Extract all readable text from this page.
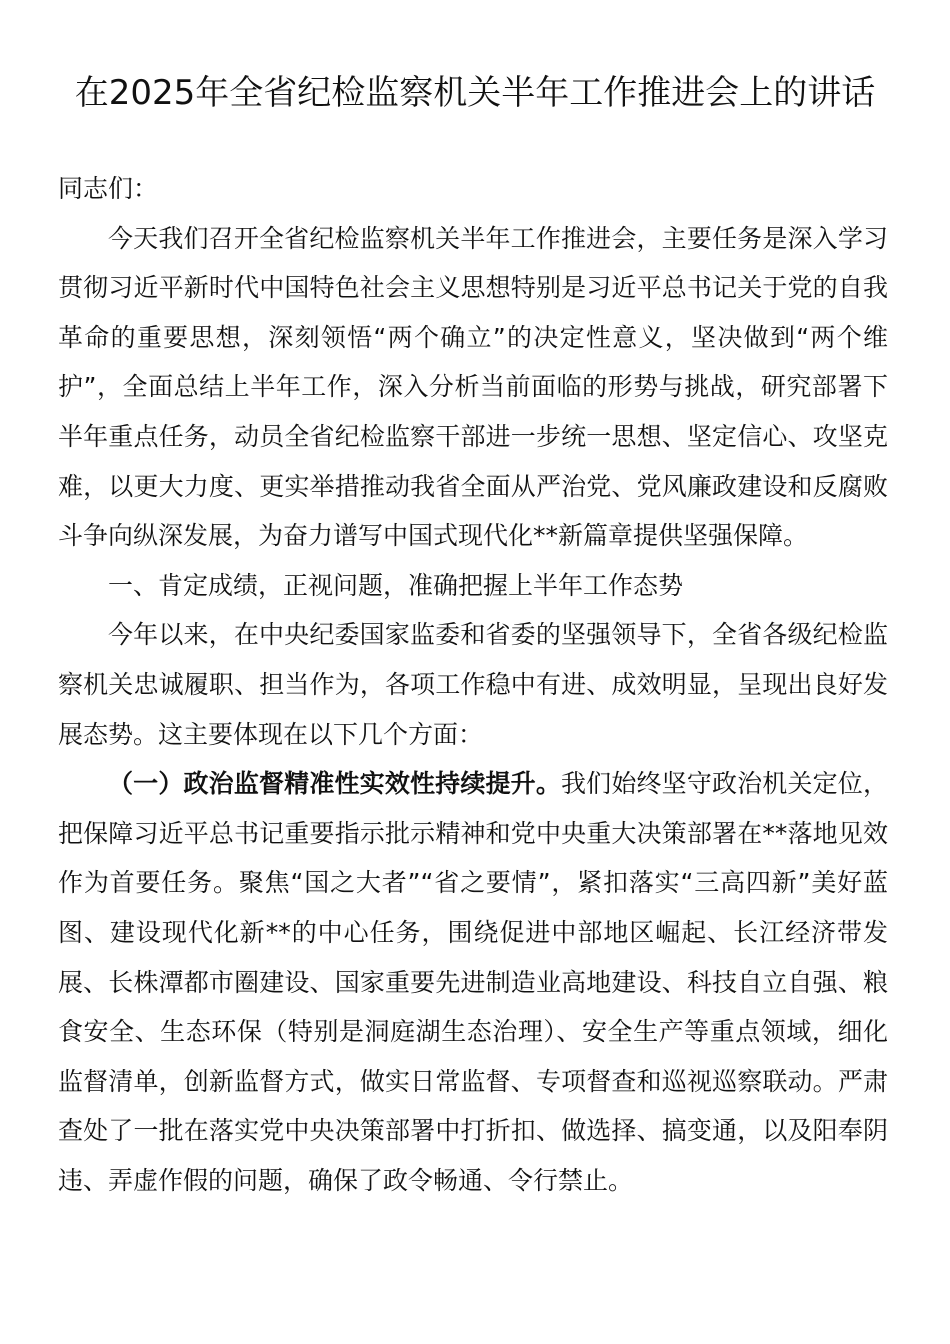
在2025年全省纪检监察机关半年工作推进会上的讲话

同志们：

今天我们召开全省纪检监察机关半年工作推进会，主要任务是深入学习贯彻习近平新时代中国特色社会主义思想特别是习近平总书记关于党的自我革命的重要思想，深刻领悟“两个确立”的决定性意义，坚决做到“两个维护”，全面总结上半年工作，深入分析当前面临的形势与挑战，研究部署下半年重点任务，动员全省纪检监察干部进一步统一思想、坚定信心、攻坚克难，以更大力度、更实举措推动我省全面从严治党、党风廉政建设和反腐败斗争向纵深发展，为奋力谱写中国式现代化**新篇章提供坚强保障。

一、肯定成绩，正视问题，准确把握上半年工作态势

今年以来，在中央纪委国家监委和省委的坚强领导下，全省各级纪检监察机关忠诚履职、担当作为，各项工作稳中有进、成效明显，呈现出良好发展态势。这主要体现在以下几个方面：

（一）政治监督精准性实效性持续提升。我们始终坚守政治机关定位，把保障习近平总书记重要指示批示精神和党中央重大决策部署在**落地见效作为首要任务。聚焦“国之大者”“省之要情”，紧扣落实“三高四新”美好蓝图、建设现代化新**的中心任务，围绕促进中部地区崛起、长江经济带发展、长株潭都市圈建设、国家重要先进制造业高地建设、科技自立自强、粮食安全、生态环保（特别是洞庭湖生态治理）、安全生产等重点领域，细化监督清单，创新监督方式，做实日常监督、专项督查和巡视巡察联动。严肃查处了一批在落实党中央决策部署中打折扣、做选择、搞变通，以及阳奉阴违、弄虚作假的问题，确保了政令畅通、令行禁止。
